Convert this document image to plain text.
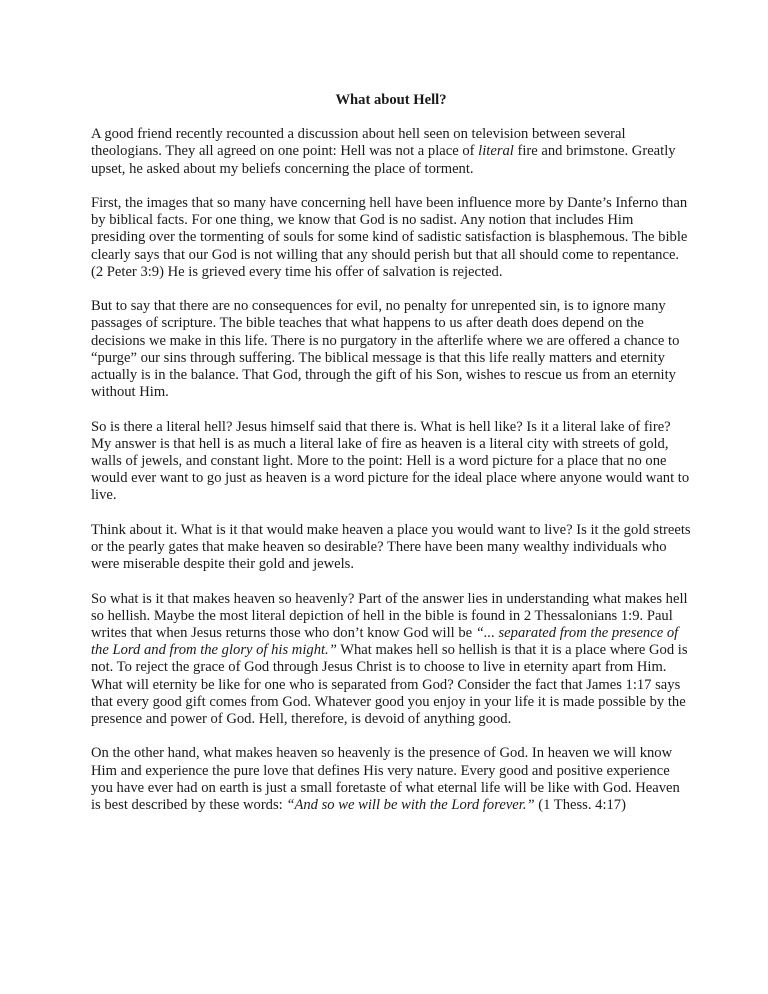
What about Hell?

A good friend recently recounted a discussion about hell seen on television between several theologians. They all agreed on one point: Hell was not a place of literal fire and brimstone. Greatly upset, he asked about my beliefs concerning the place of torment.

First, the images that so many have concerning hell have been influence more by Dante’s Inferno than by biblical facts. For one thing, we know that God is no sadist. Any notion that includes Him presiding over the tormenting of souls for some kind of sadistic satisfaction is blasphemous. The bible clearly says that our God is not willing that any should perish but that all should come to repentance. (2 Peter 3:9) He is grieved every time his offer of salvation is rejected.

But to say that there are no consequences for evil, no penalty for unrepented sin, is to ignore many passages of scripture. The bible teaches that what happens to us after death does depend on the decisions we make in this life. There is no purgatory in the afterlife where we are offered a chance to “purge” our sins through suffering. The biblical message is that this life really matters and eternity actually is in the balance. That God, through the gift of his Son, wishes to rescue us from an eternity without Him.

So is there a literal hell? Jesus himself said that there is. What is hell like? Is it a literal lake of fire? My answer is that hell is as much a literal lake of fire as heaven is a literal city with streets of gold, walls of jewels, and constant light. More to the point: Hell is a word picture for a place that no one would ever want to go just as heaven is a word picture for the ideal place where anyone would want to live.

Think about it. What is it that would make heaven a place you would want to live? Is it the gold streets or the pearly gates that make heaven so desirable? There have been many wealthy individuals who were miserable despite their gold and jewels.

So what is it that makes heaven so heavenly? Part of the answer lies in understanding what makes hell so hellish. Maybe the most literal depiction of hell in the bible is found in 2 Thessalonians 1:9. Paul writes that when Jesus returns those who don’t know God will be “... separated from the presence of the Lord and from the glory of his might.” What makes hell so hellish is that it is a place where God is not. To reject the grace of God through Jesus Christ is to choose to live in eternity apart from Him. What will eternity be like for one who is separated from God? Consider the fact that James 1:17 says that every good gift comes from God. Whatever good you enjoy in your life it is made possible by the presence and power of God. Hell, therefore, is devoid of anything good.

On the other hand, what makes heaven so heavenly is the presence of God. In heaven we will know Him and experience the pure love that defines His very nature. Every good and positive experience you have ever had on earth is just a small foretaste of what eternal life will be like with God. Heaven is best described by these words: “And so we will be with the Lord forever.” (1 Thess. 4:17)
